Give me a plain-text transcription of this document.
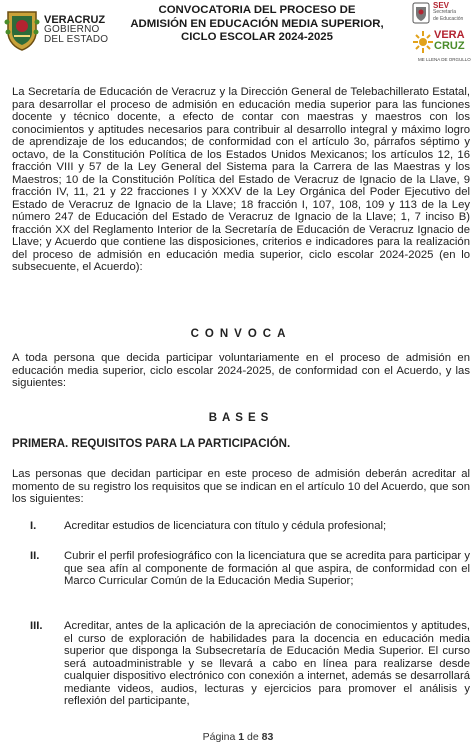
VERACRUZ
GOBIERNO
DEL ESTADO
CONVOCATORIA DEL PROCESO DE
ADMISIÓN EN EDUCACIÓN MEDIA SUPERIOR,
CICLO ESCOLAR 2024-2025
SEV
Secretaría
de Educación
VERA
CRUZ
ME LLENA DE ORGULLO

La Secretaría de Educación de Veracruz y la Dirección General de Telebachillerato Estatal, para desarrollar el proceso de admisión en educación media superior para las funciones docente y técnico docente, a efecto de contar con maestras y maestros con los conocimientos y aptitudes necesarios para contribuir al desarrollo integral y máximo logro de aprendizaje de los educandos; de conformidad con el artículo 3o, párrafos séptimo y octavo, de la Constitución Política de los Estados Unidos Mexicanos; los artículos 12, 16 fracción VIII y 57 de la Ley General del Sistema para la Carrera de las Maestras y los Maestros; 10 de la Constitución Política del Estado de Veracruz de Ignacio de la Llave, 9 fracción IV, 11, 21 y 22 fracciones I y XXXV de la Ley Orgánica del Poder Ejecutivo del Estado de Veracruz de Ignacio de la Llave; 18 fracción I, 107, 108, 109 y 113 de la Ley número 247 de Educación del Estado de Veracruz de Ignacio de la Llave; 1, 7 inciso B) fracción XX del Reglamento Interior de la Secretaría de Educación de Veracruz Ignacio de Llave; y Acuerdo que contiene las disposiciones, criterios e indicadores para la realización del proceso de admisión en educación media superior, ciclo escolar 2024-2025 (en lo subsecuente, el Acuerdo):

CONVOCA

A toda persona que decida participar voluntariamente en el proceso de admisión en educación media superior, ciclo escolar 2024-2025, de conformidad con el Acuerdo, y las siguientes:

BASES
PRIMERA. REQUISITOS PARA LA PARTICIPACIÓN.

Las personas que decidan participar en este proceso de admisión deberán acreditar al momento de su registro los requisitos que se indican en el artículo 10 del Acuerdo, que son los siguientes:

I.	Acreditar estudios de licenciatura con título y cédula profesional;
II.	Cubrir el perfil profesiográfico con la licenciatura que se acredita para participar y que sea afín al componente de formación al que aspira, de conformidad con el Marco Curricular Común de la Educación Media Superior;
III.	Acreditar, antes de la aplicación de la apreciación de conocimientos y aptitudes, el curso de exploración de habilidades para la docencia en educación media superior que disponga la Subsecretaría de Educación Media Superior. El curso será autoadministrable y se llevará a cabo en línea para realizarse desde cualquier dispositivo electrónico con conexión a internet, además se desarrollará mediante videos, audios, lecturas y ejercicios para promover el análisis y reflexión del participante,
Página 1 de 83
